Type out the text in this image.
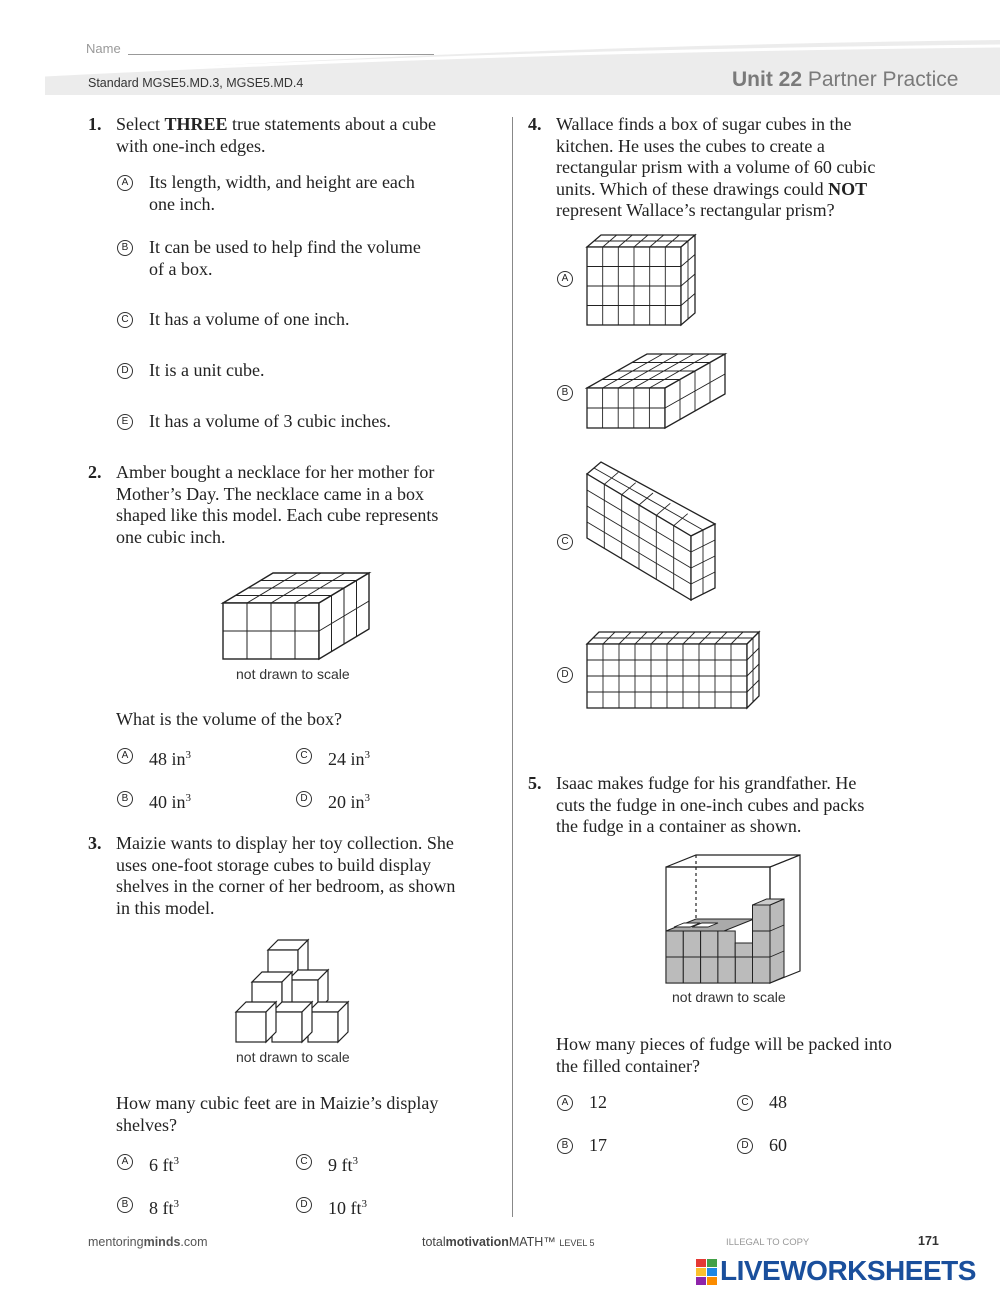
Name
Standard MGSE5.MD.3, MGSE5.MD.4	Unit 22 Partner Practice
1. Select THREE true statements about a cube
with one-inch edges.
A Its length, width, and height are each
one inch.
B It can be used to help find the volume
of a box.
C It has a volume of one inch.
D It is a unit cube.
E It has a volume of 3 cubic inches.
2. Amber bought a necklace for her mother for
Mother’s Day. The necklace came in a box
shaped like this model. Each cube represents
one cubic inch.
not drawn to scale
What is the volume of the box?
A 48 $in^3$	C 24 $in^3$
B 40 $in^3$	D 20 $in^3$
3. Maizie wants to display her toy collection. She
uses one-foot storage cubes to build display
shelves in the corner of her bedroom, as shown
in this model.
not drawn to scale
How many cubic feet are in Maizie’s display
shelves?
A 6 $ft^3$	C 9 $ft^3$
B 8 $ft^3$	D 10 $ft^3$
4. Wallace finds a box of sugar cubes in the
kitchen. He uses the cubes to create a
rectangular prism with a volume of 60 cubic
units. Which of these drawings could NOT
represent Wallace’s rectangular prism?
A
B
C
D
5. Isaac makes fudge for his grandfather. He
cuts the fudge in one-inch cubes and packs
the fudge in a container as shown.
not drawn to scale
How many pieces of fudge will be packed into
the filled container?
A 12	C 48
B 17	D 60
mentoringminds.com	totalmotivationMATH™ LEVEL 5	ILLEGAL TO COPY	171
LIVEWORKSHEETS
